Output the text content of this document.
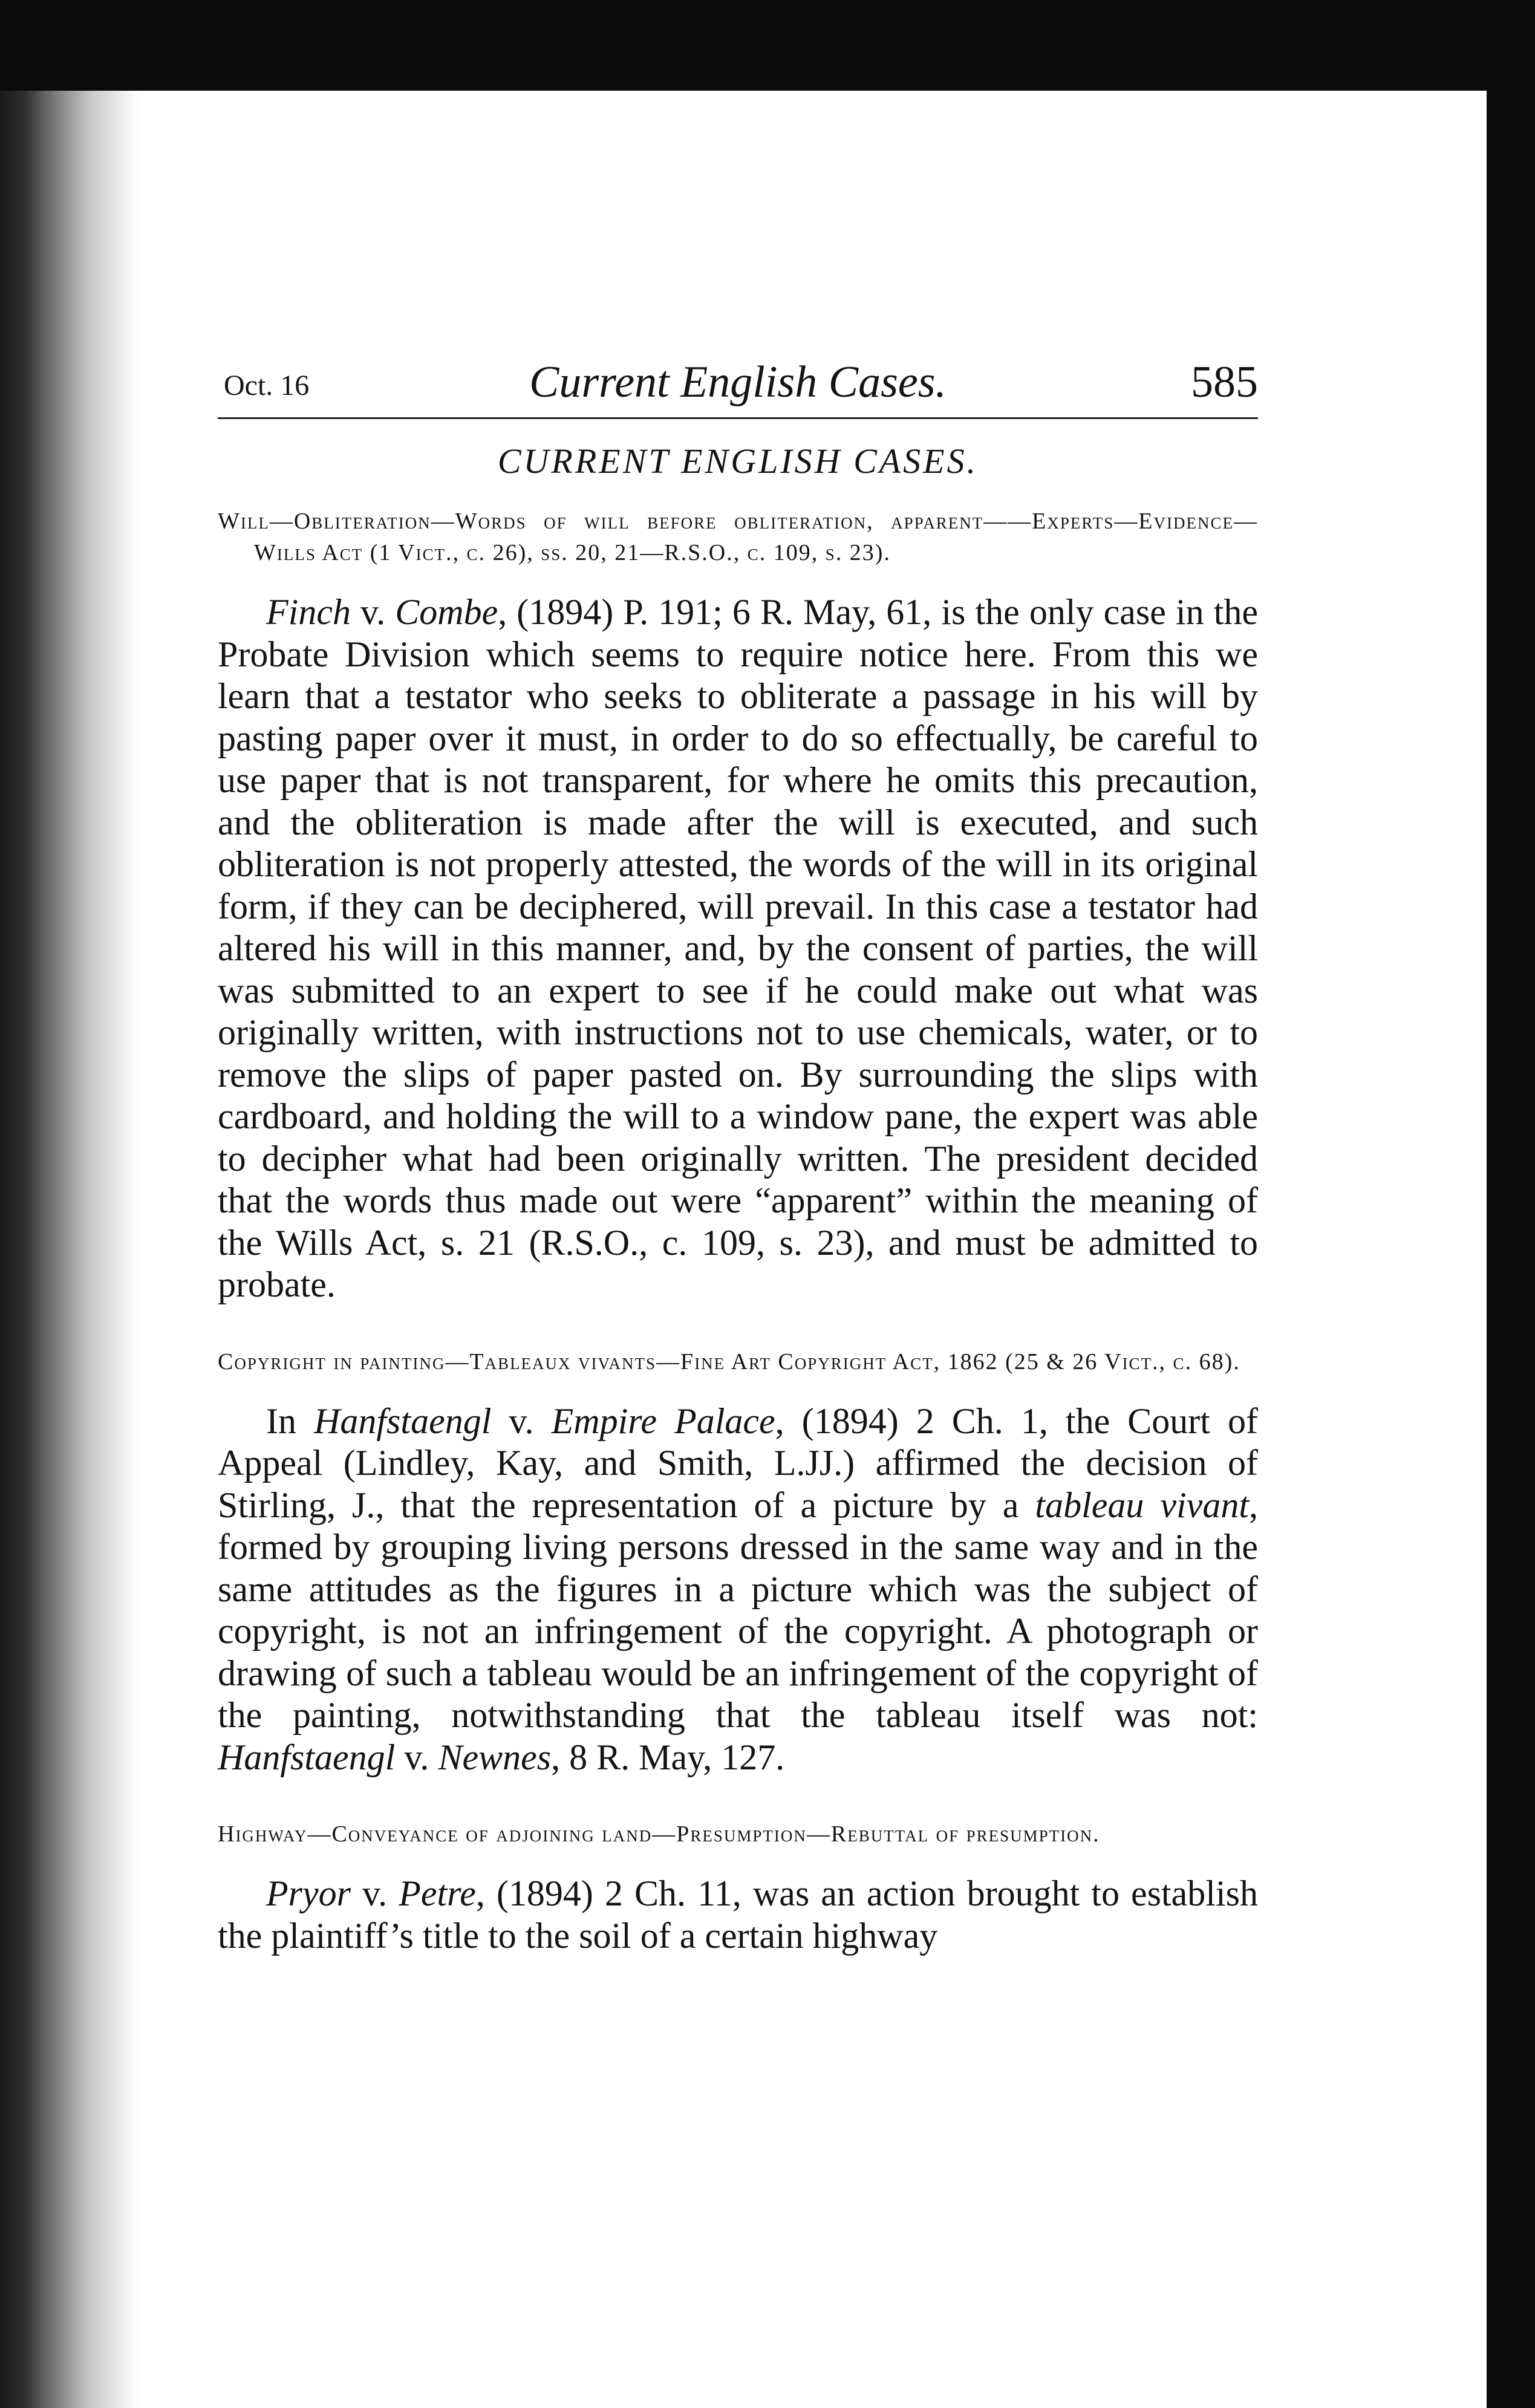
Oct. 16	Current English Cases.	585
CURRENT ENGLISH CASES.

Will—Obliteration—Words of will before obliteration, apparent——Experts—Evidence—Wills Act (1 Vict., c. 26), ss. 20, 21—R.S.O., c. 109, s. 23).

Finch v. Combe, (1894) P. 191; 6 R. May, 61, is the only case in the Probate Division which seems to require notice here. From this we learn that a testator who seeks to obliterate a passage in his will by pasting paper over it must, in order to do so effectually, be careful to use paper that is not transparent, for where he omits this precaution, and the obliteration is made after the will is executed, and such obliteration is not properly attested, the words of the will in its original form, if they can be deciphered, will prevail. In this case a testator had altered his will in this manner, and, by the consent of parties, the will was submitted to an expert to see if he could make out what was originally written, with instructions not to use chemicals, water, or to remove the slips of paper pasted on. By surrounding the slips with cardboard, and holding the will to a window pane, the expert was able to decipher what had been originally written. The president decided that the words thus made out were “apparent” within the meaning of the Wills Act, s. 21 (R.S.O., c. 109, s. 23), and must be admitted to probate.

Copyright in painting—Tableaux vivants—Fine Art Copyright Act, 1862 (25 & 26 Vict., c. 68).

In Hanfstaengl v. Empire Palace, (1894) 2 Ch. 1, the Court of Appeal (Lindley, Kay, and Smith, L.JJ.) affirmed the decision of Stirling, J., that the representation of a picture by a tableau vivant, formed by grouping living persons dressed in the same way and in the same attitudes as the figures in a picture which was the subject of copyright, is not an infringement of the copyright. A photograph or drawing of such a tableau would be an infringement of the copyright of the painting, notwithstanding that the tableau itself was not: Hanfstaengl v. Newnes, 8 R. May, 127.

Highway—Conveyance of adjoining land—Presumption—Rebuttal of presumption.

Pryor v. Petre, (1894) 2 Ch. 11, was an action brought to establish the plaintiff’s title to the soil of a certain highway
